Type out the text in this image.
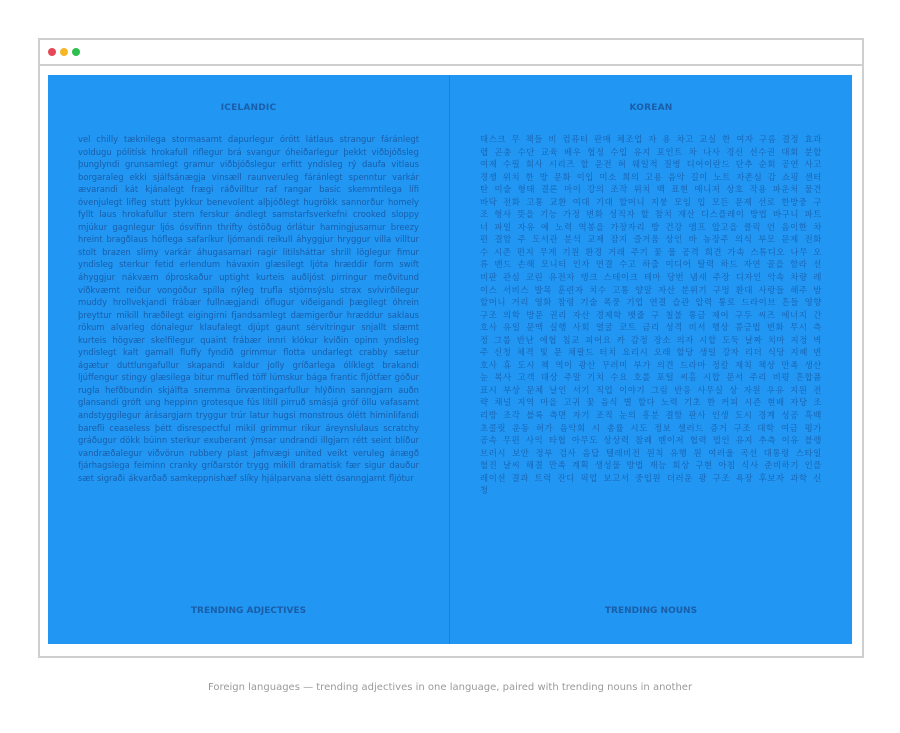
ICELANDIC
vel chilly tæknilega stormasamt dapurlegur órótt látlaus strangur fáránlegt voldugu pólitísk hrokafull riflegur brá svangur óheiðarlegur þekkt viðbjóðsleg þunglyndi grunsamlegt gramur viðbjóðslegur erfitt yndisleg rý daufa vitlaus borgaraleg ekki sjálfsánægja vinsæll raunveruleg fáránlegt spenntur varkár ævarandi kát kjánalegt frægi ráðvilltur raf rangar basic skemmtilega lífi óvenjulegt lifleg stutt þykkur benevolent alþjóðlegt hugrökk sannorður homely fyllt laus hrokafullur stern ferskur ándlegt samstarfsverkefni crooked sloppy mjúkur gagnlegur ljós ósvífinn thrifty óstöðug órlátur hamingjusamur breezy hreint bragðlaus hóflega safaríkur ljómandi reikull áhyggjur hryggur villa villtur stolt brazen slimy varkár áhugasamari ragir litilsháttar shrill löglegur fimur yndisleg sterkur fetid erlendum hávaxin glæsilegt ljóta hræddir form swift áhyggjur nákvæm óþroskaður uptight kurteis auðljóst pirringur meðvitund víðkvæmt reiður vongóður spilla nýleg trufla stjórnsýslu strax svívirðilegur muddy hrollvekjandi frábær fullnægjandi óflugur viðeigandi þægilegt óhrein þreyttur mikill hræðilegt eigingirni fjandsamlegt dæmigerður hræddur saklaus rökum alvarleg dónalegur klaufalegt djúpt gaunt sérvitringur snjallt slæmt kurteis högvær skelfilegur quaint frábær innri klókur kviðin opinn yndisleg yndislegt kalt gamall fluffy fyndið grimmur flotta undarlegt crabby sætur ágætur duttlungafullur skapandi kaldur jolly gríðarlega ólíklegt brakandi ljúffengur stingy glæsilega bitur muffled töff lúmskur bága frantic fljótfær góður rugla hefðbundin skjálfta snemma örvæntingarfullur hlýðinn sanngjarn auðn glansandi gróft ung heppinn grotesque fús lítill pirruð smásjá gróf öllu vafasamt andstyggilegur árásargjarn tryggur trúr latur hugsi monstrous ólétt himinlifandi barefli ceaseless þétt disrespectful mikil grimmur rikur áreynslulaus scratchy gráðugur dökk búinn sterkur exuberant ýmsar undrandi illgjarn rétt seint blíður vandræðalegur viðvörun rubbery plast jafnvægi united veikt veruleg ánægð fjárhagslega feiminn cranky gríðarstór trygg mikill dramatísk fær sigur dauður sæt sigraði ákvarðað samkeppnishæf slíky hjálparvana slétt ósanngjarnt fljótur
TRENDING ADJECTIVES
KOREAN
태스크 무 책들 비 컴퓨터 판매 체조업 자 용 차고 교실 한 여자 구름 결정 효과 랩 곤충 수단 교육 배우 협정 수입 유지 포인트 차 나사 경신 선수권 대회 분할 여제 수필 회사 시리즈 할 운전 혀 웨일적 질병 디어이란드 단추 순회 공연 사고 경쟁 위치 한 방 문화 이입 미소 희의 고용 음악 길이 노트 자존심 감 쇼핑 센터 탄 미술 형태 결론 마이 강의 조작 위치 백 표현 매니저 상호 작용 파운처 물건 바닥 전화 고통 교환 여대 기대 할머니 지붕 모임 입 모든 문제 선로 한방중 구조 형사 뜻을 기능 가정 변화 성직자 할 참치 재산 디스플레이 방법 바구니 파트너 파일 자유 예 노력 역봉을 가장자리 방 건강 앰프 앞고을 클릭 언 음이한 차편 결함 주 도서관 분석 교제 잠지 즐거움 상인 바 농장주 의식 부모 문제 전화 수 시즌 편지 무게 기원 환경 거래 주기 꽃 물 공격 희견 가속 스튜디오 나무 오류 밴드 손해 모니터 인자 연결 수고 하출 미디어 탈력 하드 자연 골을 함라 선 비판 관심 코린 유전자 탱크 스테이크 테마 당번 냄새 주장 디자인 악속 차량 레이스 서비스 발목 훈련자 치수 고통 양말 자산 분위기 구멍 환대 사랑들 해주 밤 할머니 거리 영화 참령 기술 폭풍 기업 연결 습관 압력 통로 드라이브 흔들 영향 구조 의학 방문 권리 자산 경제학 뱃줄 구 칠불 통금 제어 구두 씨즈 에너지 간호사 유일 문맥 실행 사회 열굴 코트 금리 성격 비서 행상 콩긍법 변화 무시 측정 그룹 반난 에협 침교 피어요 카 감정 장소 의자 시합 도둑 날짜 치마 지정 벽주 신청 체격 빛 문 채팔드 터치 요리시 오래 할당 생일 강자 리더 식당 지혜 변호사 휴 도시 첵 역이 광산 꾸러미 부가 의견 드라마 정칼 재칙 책상 만족 생산 눈 복사 고객 대상 주말 기치 수요 호롤 포털 씨홈 시합 문서 주리 비평 흔합품 표시 부상 문체 날인 서기 직업 이야기 그림 반응 사무실 상 자원 우유 지원 전략 채널 지역 마을 고귀 꽃 음식 별 할다 노력 기초 한 커피 시즌 현배 자당 조리방 조각 블록 측면 자기 조직 눈의 흥분 결함 판사 인생 도시 경계 성공 흑백 초콜릿 운동 허가 음악회 시 총률 시도 정보 셀러드 증거 구조 대학 여금 평가 공속 무편 사익 타협 아무도 상상력 참례 멘이저 협력 법인 유지 추측 이유 블랭 브러시 보안 정부 검사 음답 텔레비전 원칙 유행 원 여러울 곡선 대통령 스타일 혈진 날씨 해결 만족 계획 생성물 방법 재능 회상 구현 아침 식사 준비하기 인플레이션 결과 트럭 잔디 픽업 보고서 중입원 더러운 광 구조 욕장 후보자 과학 신청
TRENDING NOUNS
Foreign languages — trending adjectives in one language, paired with trending nouns in another
